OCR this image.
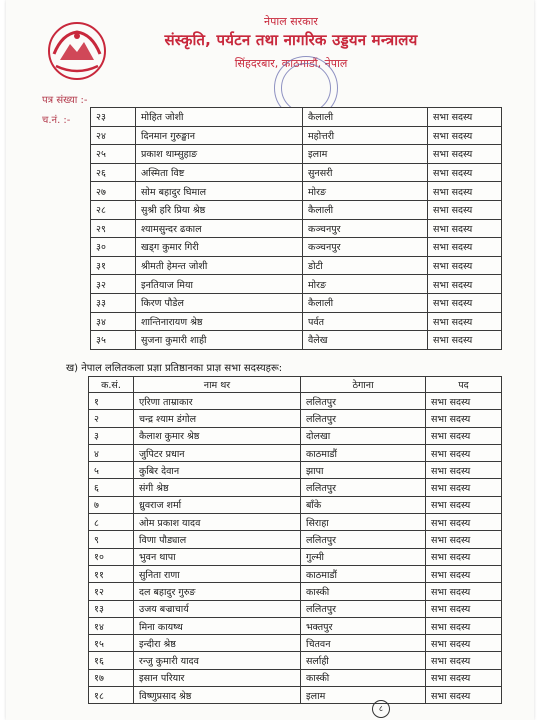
नेपाल सरकार
संस्कृति, पर्यटन तथा नागरिक उड्डयन मन्त्रालय
सिंहदरबार, काठमाडौं, नेपाल
पत्र संख्या :-
च.नं. :-	२३	मोहित जोशी	कैलाली	सभा सदस्य
२४	दिनमान गुरुङ्खान	महोत्तरी	सभा सदस्य
२५	प्रकाश थाम्सुहाङ	इलाम	सभा सदस्य
२६	अस्मिता विष्ट	सुनसरी	सभा सदस्य
२७	सोम बहादुर घिमाल	मोरङ	सभा सदस्य
२८	सुश्री हरि प्रिया श्रेष्ठ	कैलाली	सभा सदस्य
२९	श्यामसुन्दर ढकाल	कञ्चनपुर	सभा सदस्य
३०	खड्ग कुमार गिरी	कञ्चनपुर	सभा सदस्य
३१	श्रीमती हेमन्त जोशी	डोटी	सभा सदस्य
३२	इनतियाज मिया	मोरङ	सभा सदस्य
३३	किरण पौडेल	कैलाली	सभा सदस्य
३४	शान्तिनारायण श्रेष्ठ	पर्वत	सभा सदस्य
३५	सुजना कुमारी शाही	वैलेख	सभा सदस्य
ख) नेपाल ललितकला प्रज्ञा प्रतिष्ठानका प्राज्ञ सभा सदस्यहरू:
क.सं.	नाम थर	ठेगाना	पद
१	एरिणा ताम्राकार	ललितपुर	सभा सदस्य
२	चन्द्र श्याम डंगोल	ललितपुर	सभा सदस्य
३	कैलाश कुमार श्रेष्ठ	दोलखा	सभा सदस्य
४	जुपिटर प्रधान	काठमाडौं	सभा सदस्य
५	कुबिर देवान	झापा	सभा सदस्य
६	संगी श्रेष्ठ	ललितपुर	सभा सदस्य
७	ध्रुवराज शर्मा	बाँके	सभा सदस्य
८	ओम प्रकाश यादव	सिराहा	सभा सदस्य
९	विणा पौड्याल	ललितपुर	सभा सदस्य
१०	भुवन थापा	गुल्मी	सभा सदस्य
११	सुनिता राणा	काठमाडौं	सभा सदस्य
१२	दल बहादुर गुरुङ	कास्की	सभा सदस्य
१३	उजय बज्राचार्य	ललितपुर	सभा सदस्य
१४	मिना कायष्थ	भक्तपुर	सभा सदस्य
१५	इन्दीरा श्रेष्ठ	चितवन	सभा सदस्य
१६	रन्जु कुमारी यादव	सर्लाही	सभा सदस्य
१७	इसान परियार	कास्की	सभा सदस्य
१८	विष्णुप्रसाद श्रेष्ठ	इलाम	सभा सदस्य
८
